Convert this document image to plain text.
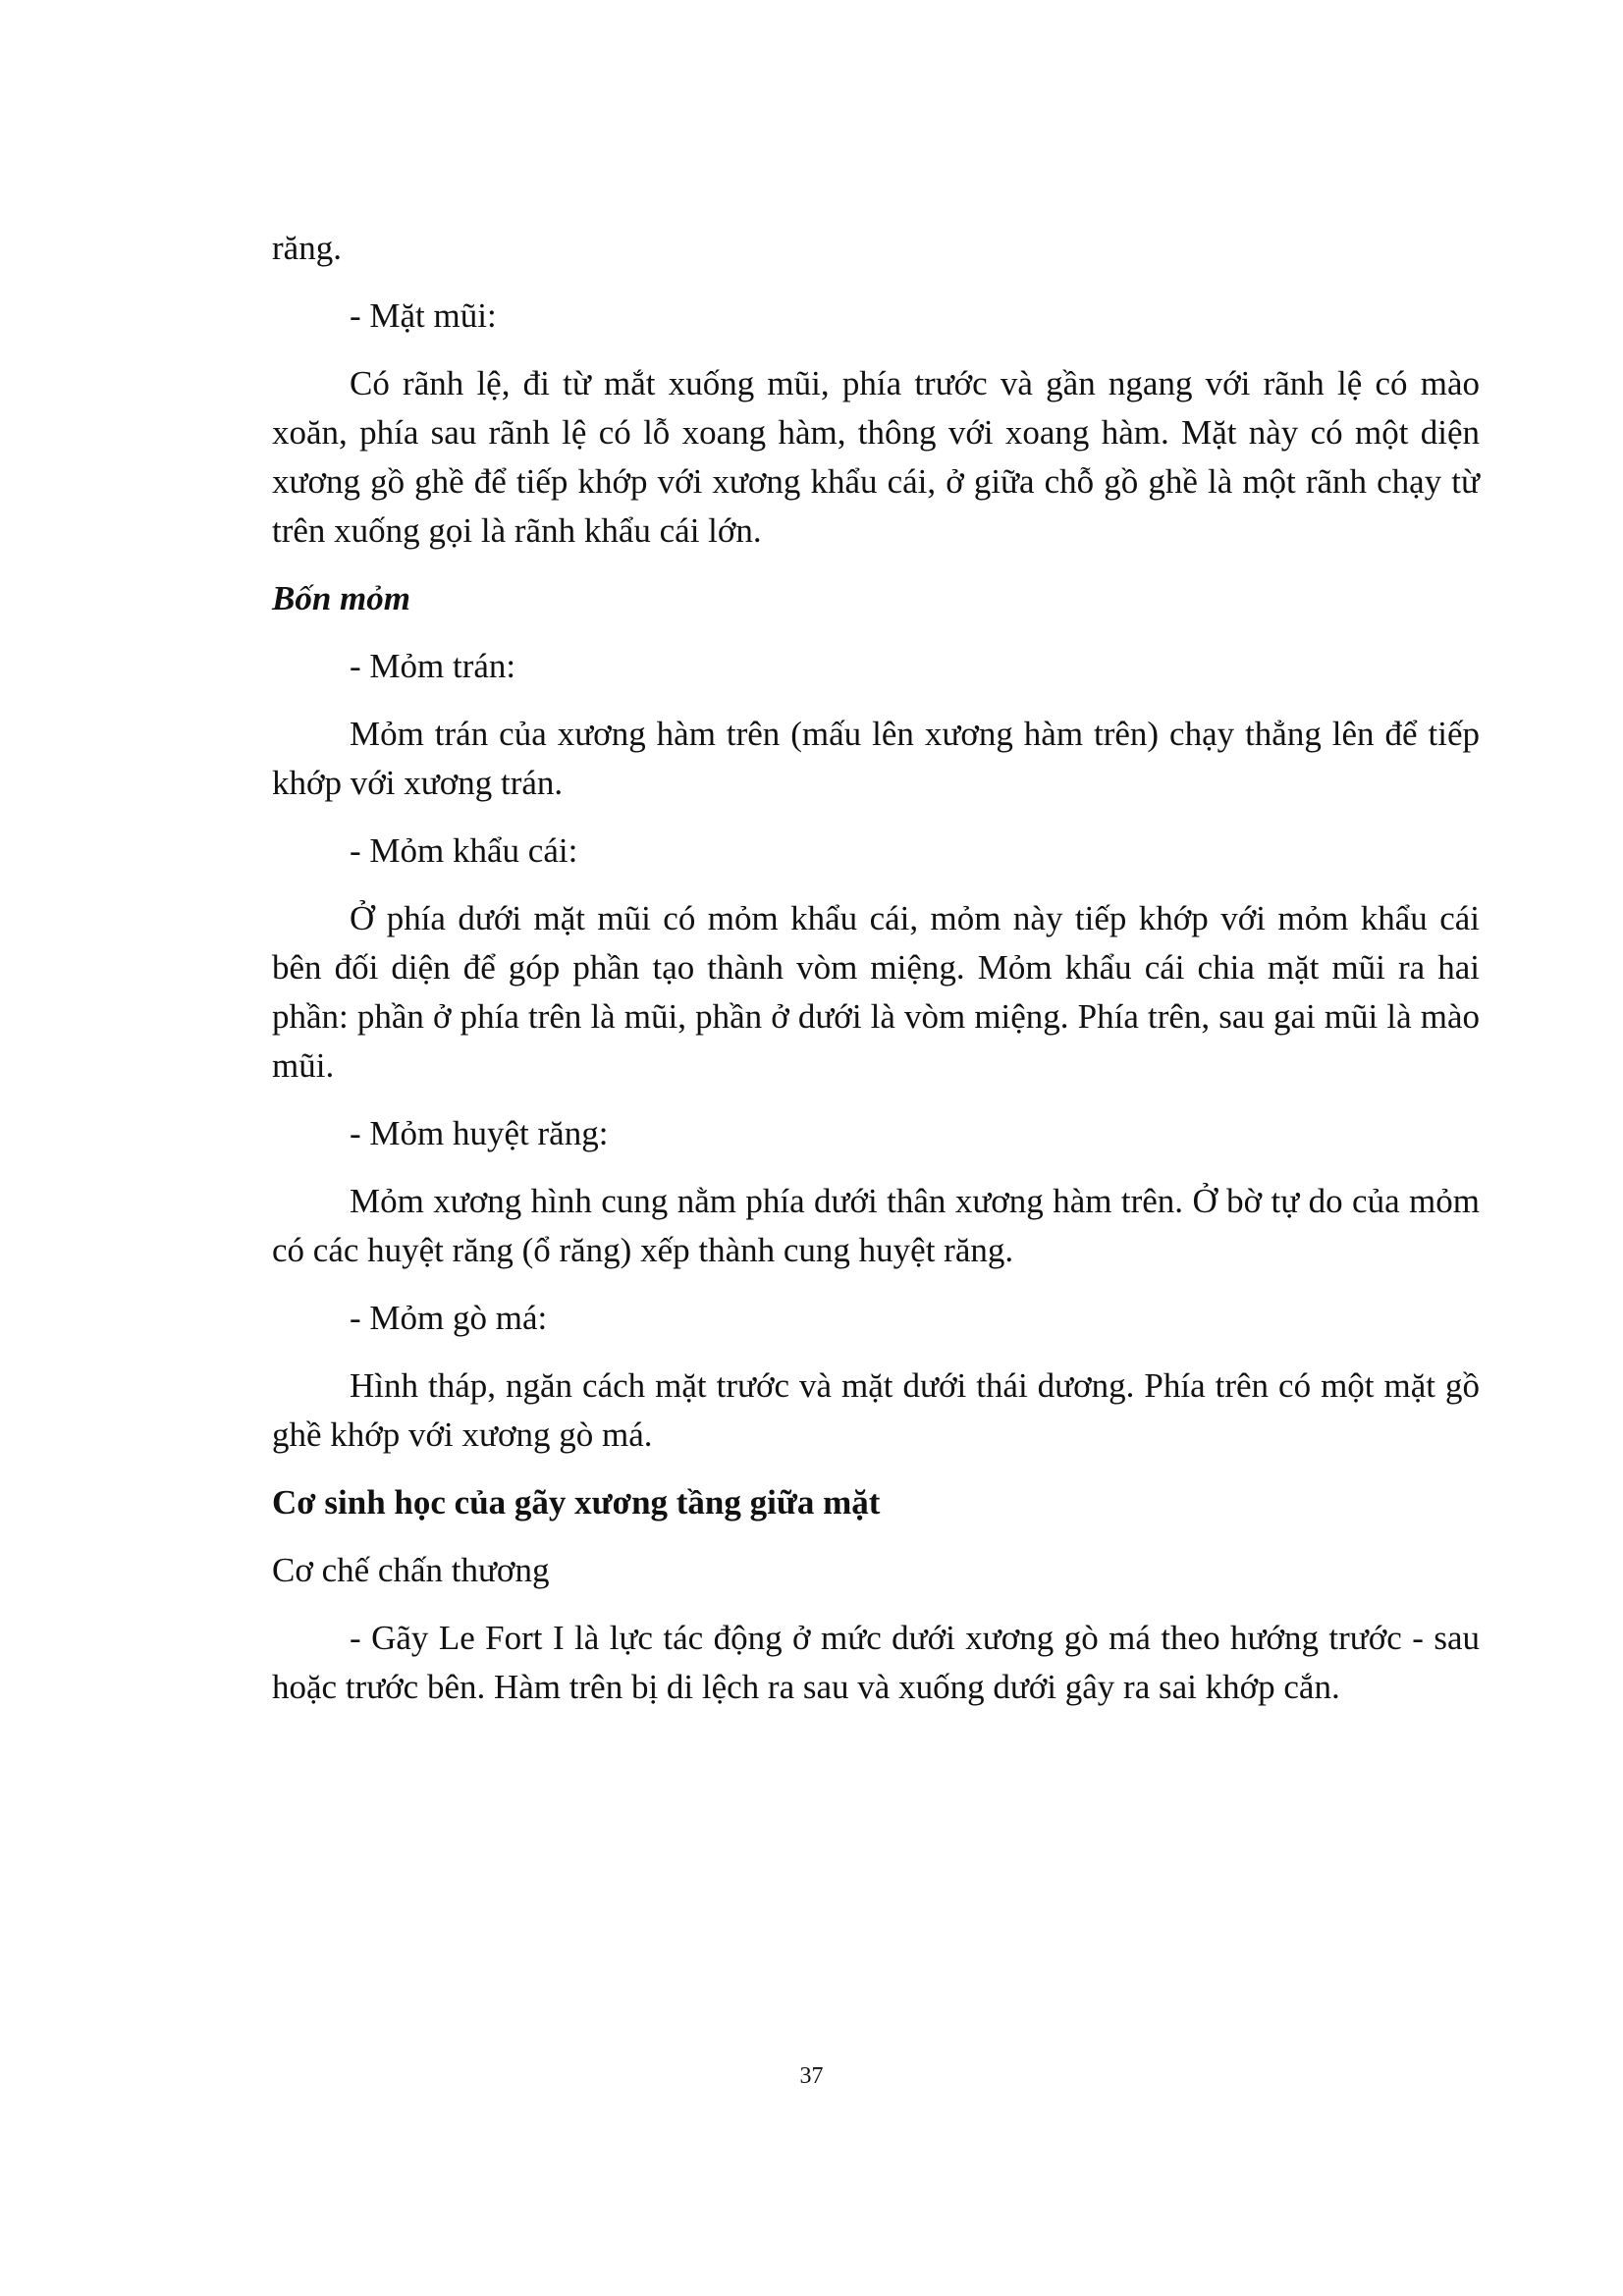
răng.

- Mặt mũi:

Có rãnh lệ, đi từ mắt xuống mũi, phía trước và gần ngang với rãnh lệ có mào xoăn, phía sau rãnh lệ có lỗ xoang hàm, thông với xoang hàm. Mặt này có một diện xương gồ ghề để tiếp khớp với xương khẩu cái, ở giữa chỗ gồ ghề là một rãnh chạy từ trên xuống gọi là rãnh khẩu cái lớn.

Bốn mỏm

- Mỏm trán:

Mỏm trán của xương hàm trên (mấu lên xương hàm trên) chạy thẳng lên để tiếp khớp với xương trán.

- Mỏm khẩu cái:

Ở phía dưới mặt mũi có mỏm khẩu cái, mỏm này tiếp khớp với mỏm khẩu cái bên đối diện để góp phần tạo thành vòm miệng. Mỏm khẩu cái chia mặt mũi ra hai phần: phần ở phía trên là mũi, phần ở dưới là vòm miệng. Phía trên, sau gai mũi là mào mũi.

- Mỏm huyệt răng:

Mỏm xương hình cung nằm phía dưới thân xương hàm trên. Ở bờ tự do của mỏm có các huyệt răng (ổ răng) xếp thành cung huyệt răng.

- Mỏm gò má:

Hình tháp, ngăn cách mặt trước và mặt dưới thái dương. Phía trên có một mặt gồ ghề khớp với xương gò má.

Cơ sinh học của gãy xương tầng giữa mặt

Cơ chế chấn thương

- Gãy Le Fort I là lực tác động ở mức dưới xương gò má theo hướng trước - sau hoặc trước bên. Hàm trên bị di lệch ra sau và xuống dưới gây ra sai khớp cắn.

37
